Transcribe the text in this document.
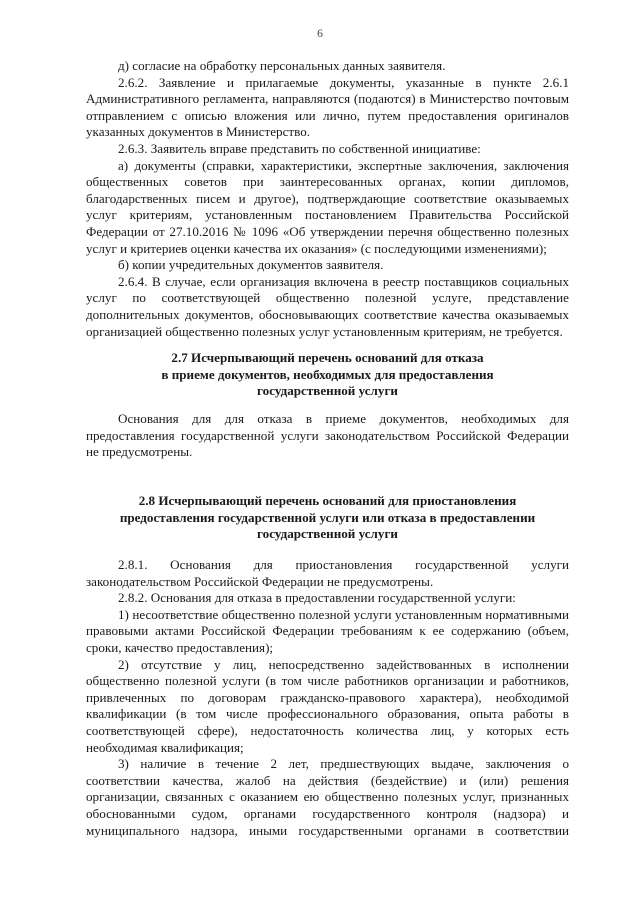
6

д) согласие на обработку персональных данных заявителя.

2.6.2. Заявление и прилагаемые документы, указанные в пункте 2.6.1 Административного регламента, направляются (подаются) в Министерство почтовым отправлением с описью вложения или лично, путем предоставления оригиналов указанных документов в Министерство.

2.6.3. Заявитель вправе представить по собственной инициативе:

а) документы (справки, характеристики, экспертные заключения, заключения общественных советов при заинтересованных органах, копии дипломов, благодарственных писем и другое), подтверждающие соответствие оказываемых услуг критериям, установленным постановлением Правительства Российской Федерации от 27.10.2016 № 1096 «Об утверждении перечня общественно полезных услуг и критериев оценки качества их оказания» (с последующими изменениями);

б) копии учредительных документов заявителя.

2.6.4. В случае, если организация включена в реестр поставщиков социальных услуг по соответствующей общественно полезной услуге, представление дополнительных документов, обосновывающих соответствие качества оказываемых организацией общественно полезных услуг установленным критериям, не требуется.

2.7 Исчерпывающий перечень оснований для отказа
в приеме документов, необходимых для предоставления
государственной услуги

Основания для для отказа в приеме документов, необходимых для предоставления государственной услуги законодательством Российской Федерации не предусмотрены.

2.8 Исчерпывающий перечень оснований для приостановления
предоставления государственной услуги или отказа в предоставлении
государственной услуги

2.8.1. Основания для приостановления государственной услуги законодательством Российской Федерации не предусмотрены.

2.8.2. Основания для отказа в предоставлении государственной услуги:

1) несоответствие общественно полезной услуги установленным нормативными правовыми актами Российской Федерации требованиям к ее содержанию (объем, сроки, качество предоставления);

2) отсутствие у лиц, непосредственно задействованных в исполнении общественно полезной услуги (в том числе работников организации и работников, привлеченных по договорам гражданско-правового характера), необходимой квалификации (в том числе профессионального образования, опыта работы в соответствующей сфере), недостаточность количества лиц, у которых есть необходимая квалификация;

3) наличие в течение 2 лет, предшествующих выдаче, заключения о соответствии качества, жалоб на действия (бездействие) и (или) решения организации, связанных с оказанием ею общественно полезных услуг, признанных обоснованными судом, органами государственного контроля (надзора) и муниципального надзора, иными государственными органами в соответствии
